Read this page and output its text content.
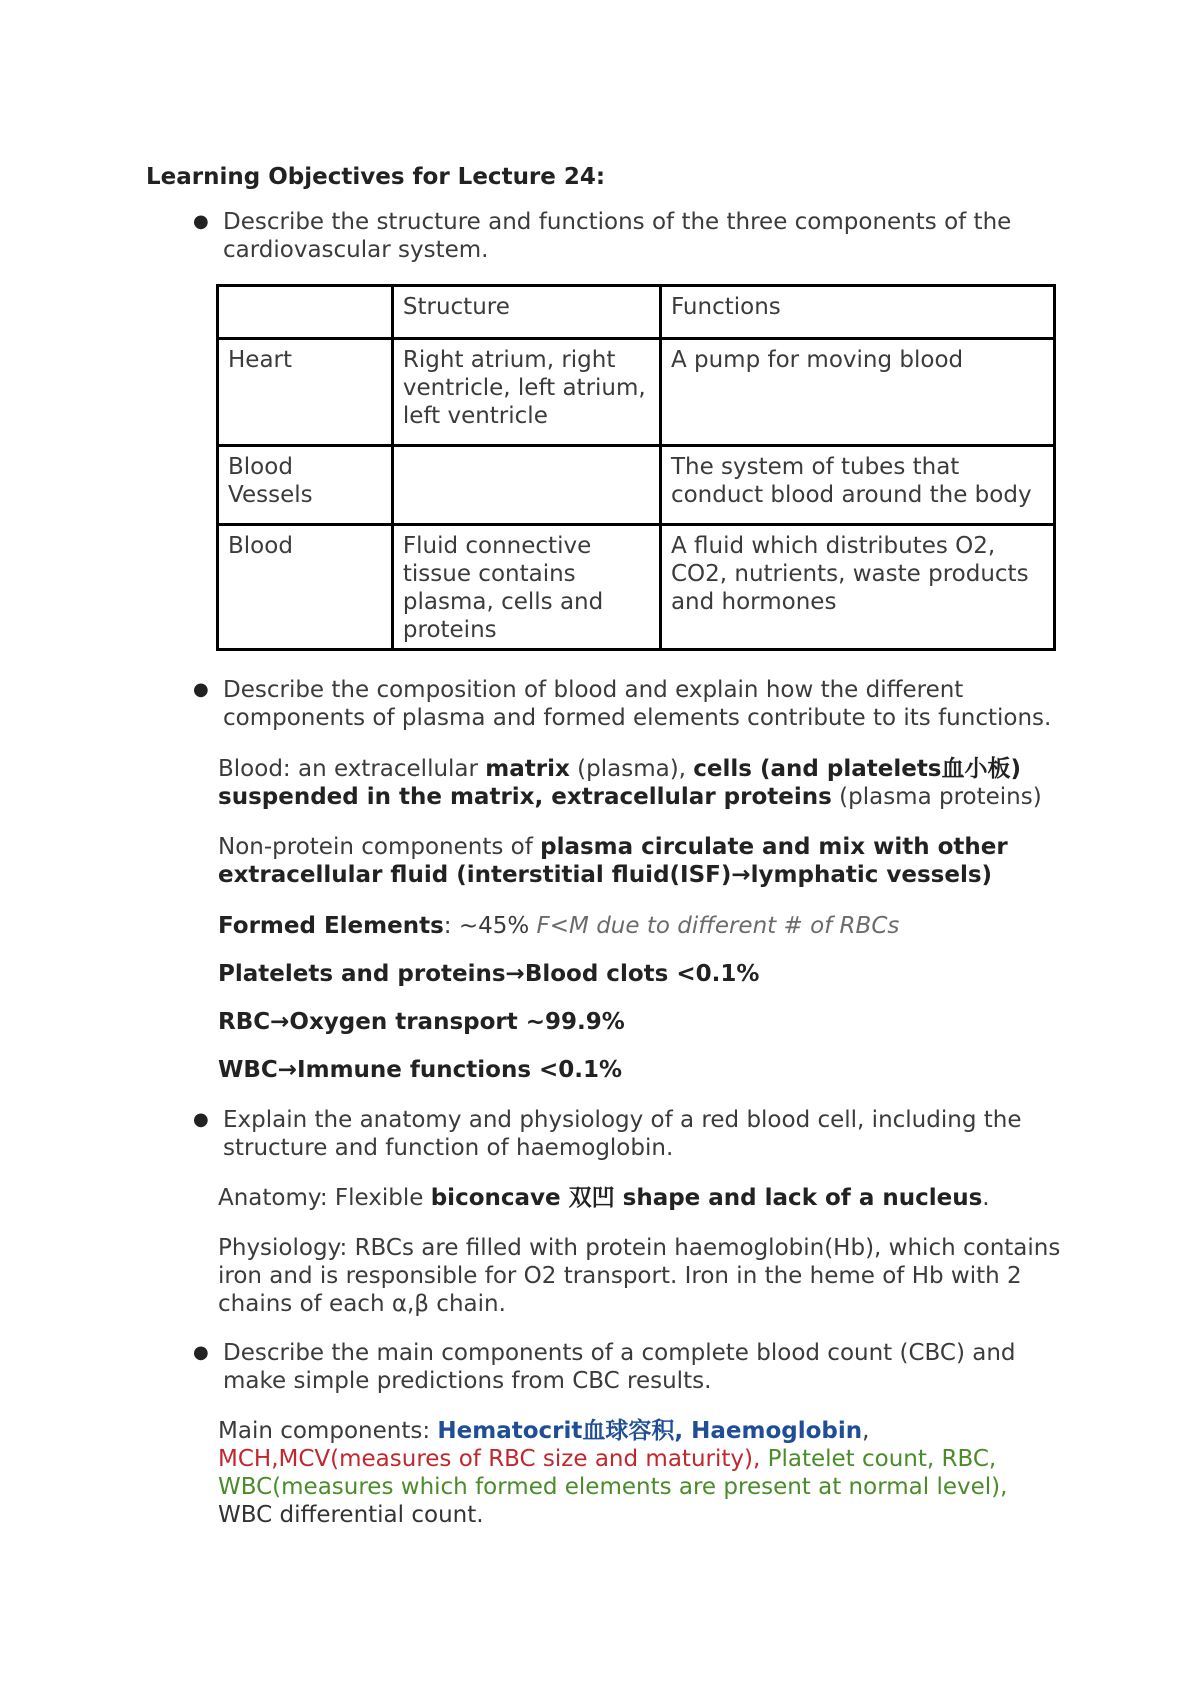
Learning Objectives for Lecture 24:
● Describe the structure and functions of the three components of the cardiovascular system.
	Structure	Functions
Heart	Right atrium, right ventricle, left atrium, left ventricle	A pump for moving blood
Blood Vessels		The system of tubes that conduct blood around the body
Blood	Fluid connective tissue contains plasma, cells and proteins	A fluid which distributes O2, CO2, nutrients, waste products and hormones
● Describe the composition of blood and explain how the different components of plasma and formed elements contribute to its functions.
Blood: an extracellular matrix (plasma), cells (and platelets血小板) suspended in the matrix, extracellular proteins (plasma proteins)
Non-protein components of plasma circulate and mix with other extracellular fluid (interstitial fluid(ISF)→lymphatic vessels)
Formed Elements: ~45% F<M due to different # of RBCs
Platelets and proteins→Blood clots <0.1%
RBC→Oxygen transport ~99.9%
WBC→Immune functions <0.1%
● Explain the anatomy and physiology of a red blood cell, including the structure and function of haemoglobin.
Anatomy: Flexible biconcave 双凹 shape and lack of a nucleus.
Physiology: RBCs are filled with protein haemoglobin(Hb), which contains iron and is responsible for O2 transport. Iron in the heme of Hb with 2 chains of each α,β chain.
● Describe the main components of a complete blood count (CBC) and make simple predictions from CBC results.
Main components: Hematocrit血球容积, Haemoglobin,
MCH,MCV(measures of RBC size and maturity), Platelet count, RBC, WBC(measures which formed elements are present at normal level), WBC differential count.
